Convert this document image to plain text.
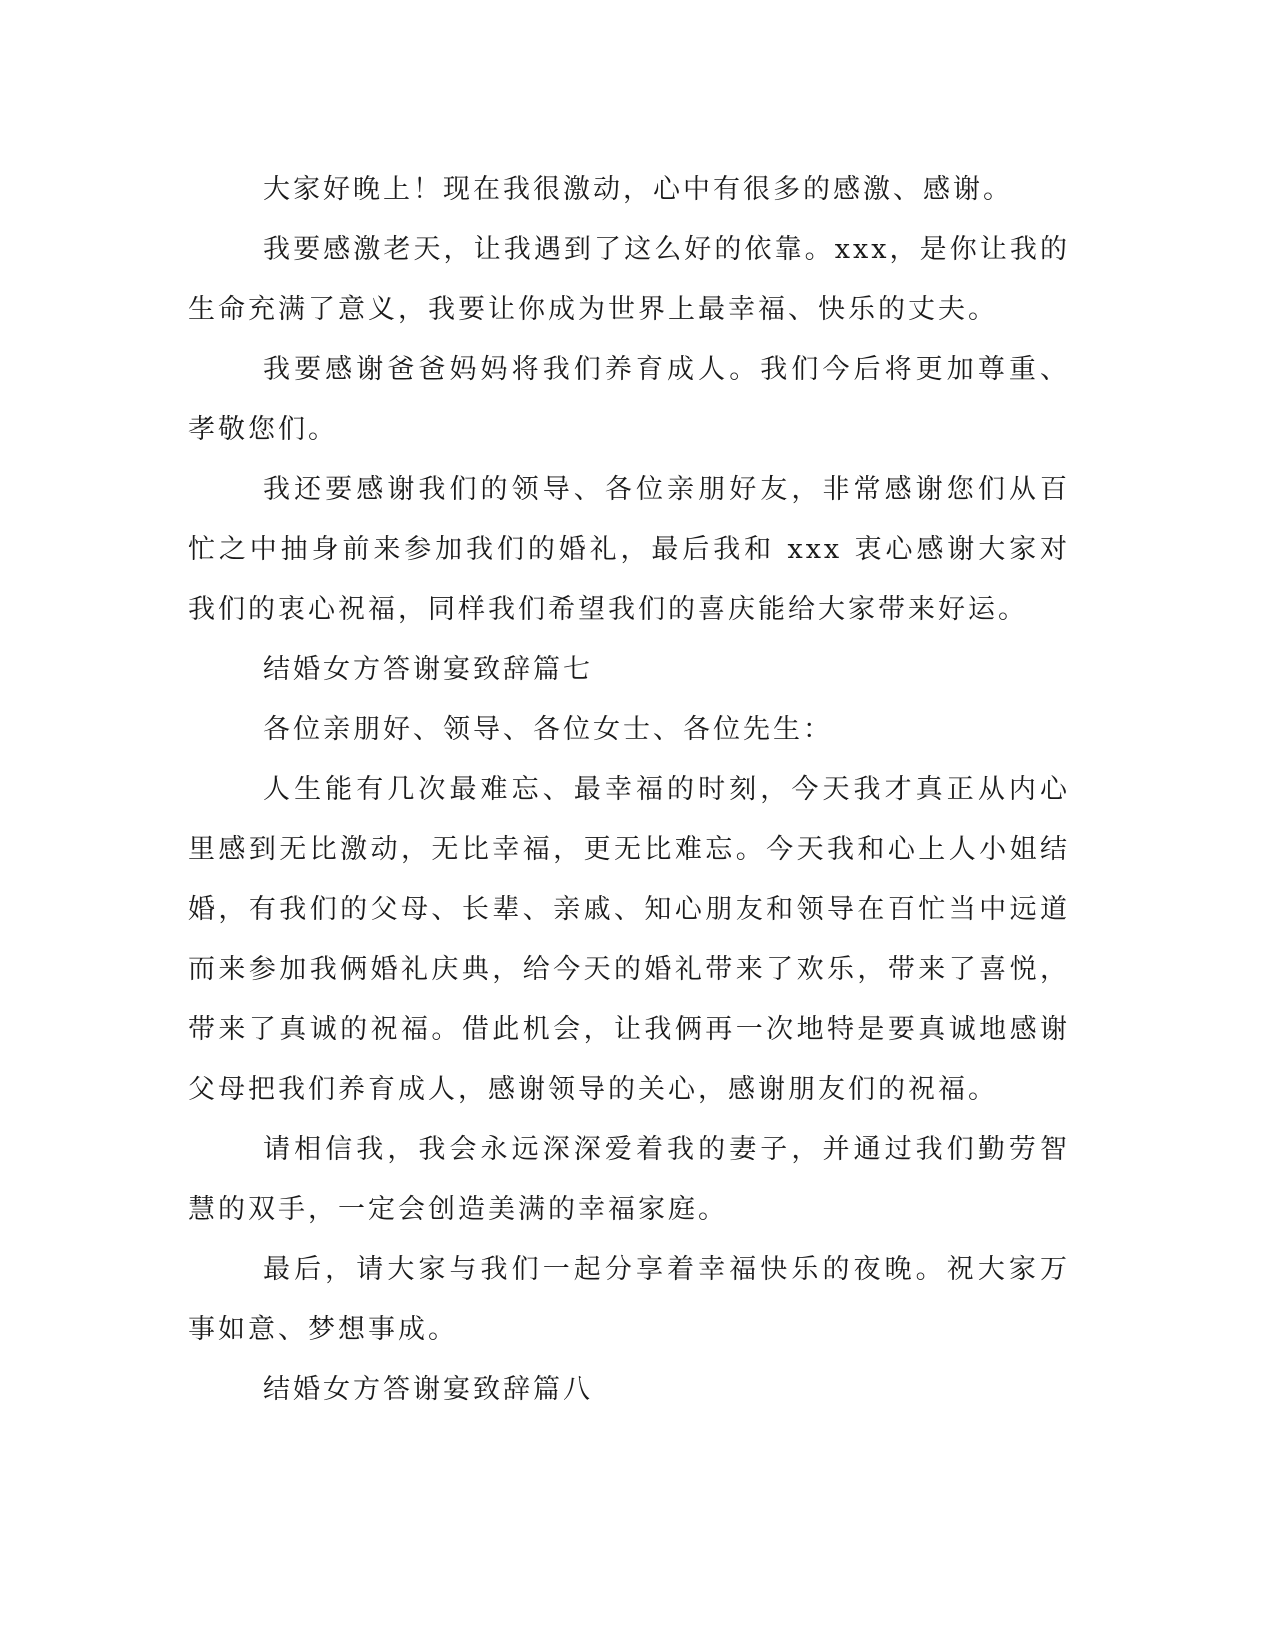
大家好晚上！现在我很激动，心中有很多的感激、感谢。

我要感激老天，让我遇到了这么好的依靠。xxx，是你让我的生命充满了意义，我要让你成为世界上最幸福、快乐的丈夫。

我要感谢爸爸妈妈将我们养育成人。我们今后将更加尊重、孝敬您们。

我还要感谢我们的领导、各位亲朋好友，非常感谢您们从百忙之中抽身前来参加我们的婚礼，最后我和 xxx 衷心感谢大家对我们的衷心祝福，同样我们希望我们的喜庆能给大家带来好运。

结婚女方答谢宴致辞篇七

各位亲朋好、领导、各位女士、各位先生：

人生能有几次最难忘、最幸福的时刻，今天我才真正从内心里感到无比激动，无比幸福，更无比难忘。今天我和心上人小姐结婚，有我们的父母、长辈、亲戚、知心朋友和领导在百忙当中远道而来参加我俩婚礼庆典，给今天的婚礼带来了欢乐，带来了喜悦，带来了真诚的祝福。借此机会，让我俩再一次地特是要真诚地感谢父母把我们养育成人，感谢领导的关心，感谢朋友们的祝福。

请相信我，我会永远深深爱着我的妻子，并通过我们勤劳智慧的双手，一定会创造美满的幸福家庭。

最后，请大家与我们一起分享着幸福快乐的夜晚。祝大家万事如意、梦想事成。

结婚女方答谢宴致辞篇八
